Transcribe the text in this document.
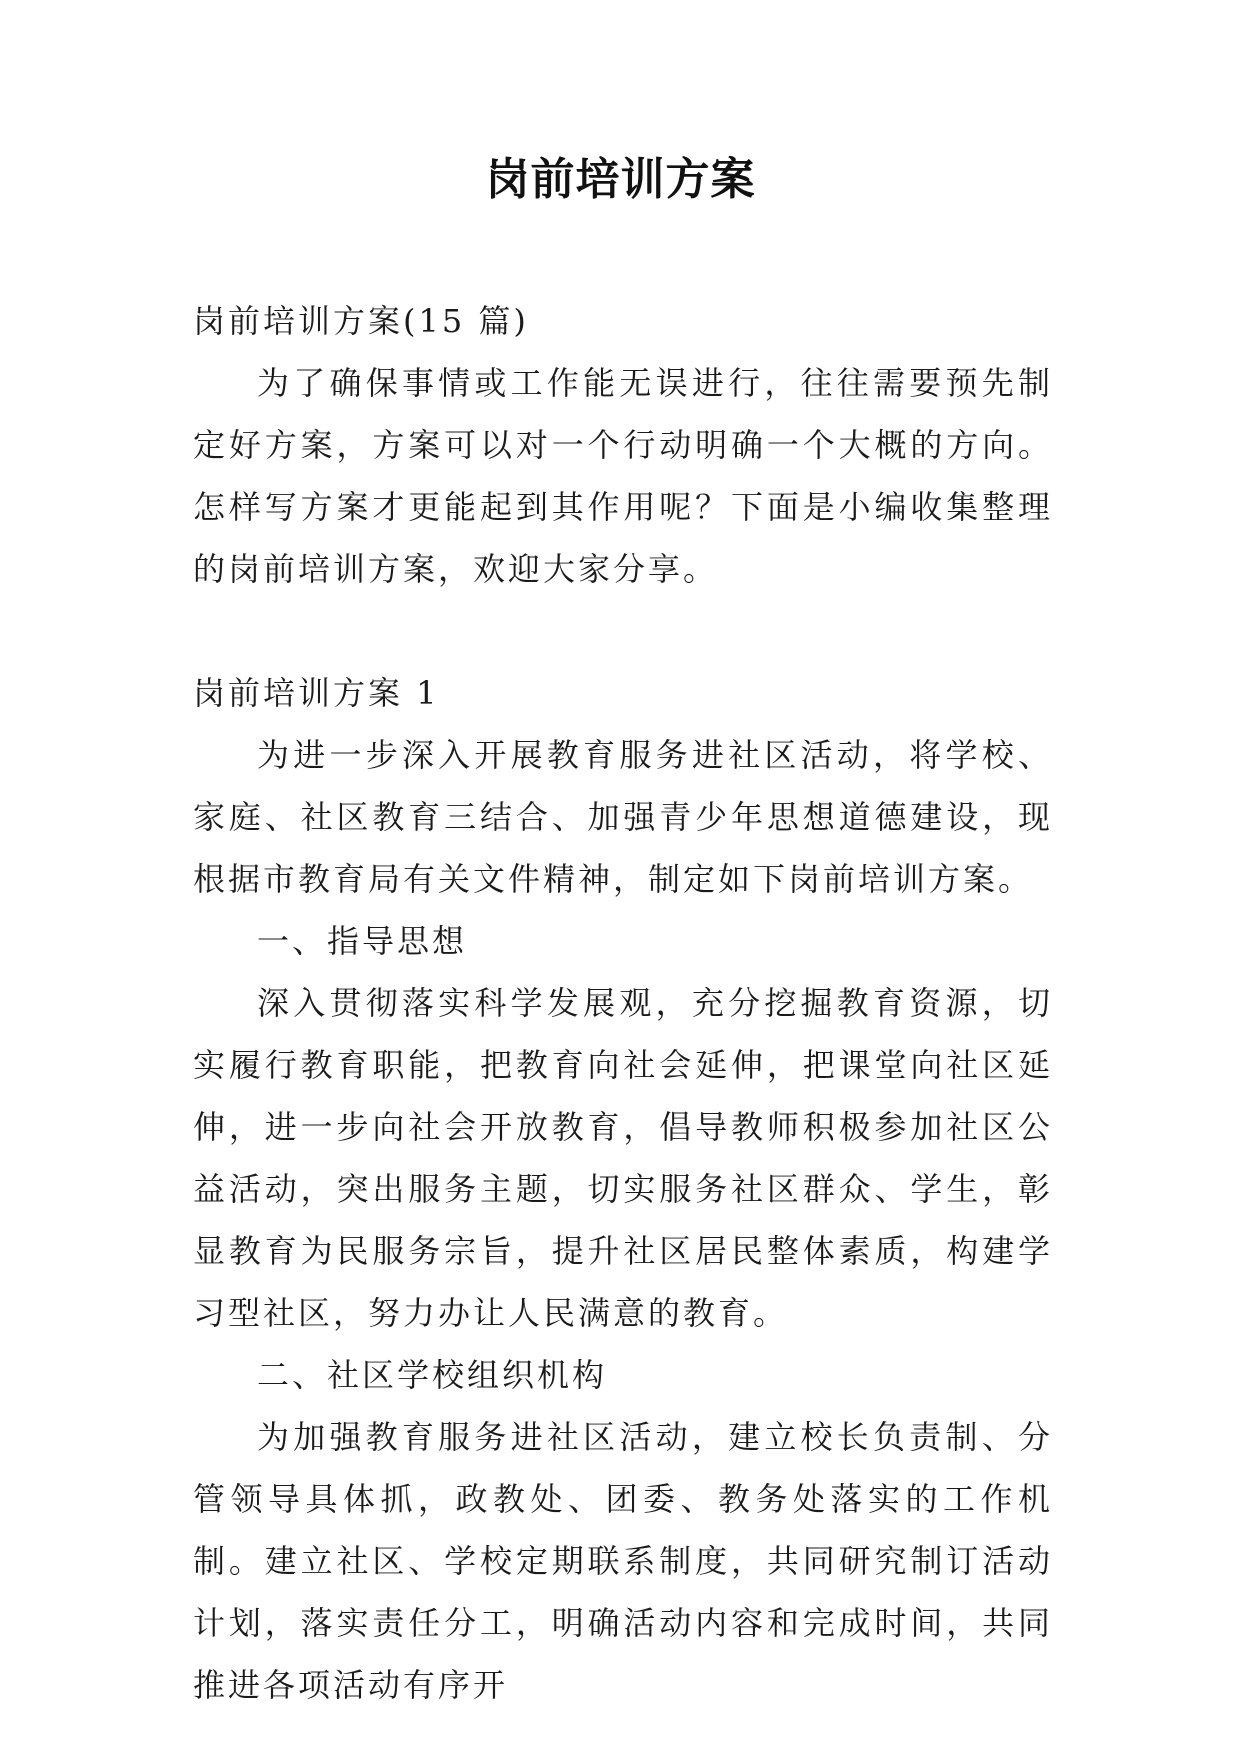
岗前培训方案

岗前培训方案(15 篇)

为了确保事情或工作能无误进行，往往需要预先制定好方案，方案可以对一个行动明确一个大概的方向。怎样写方案才更能起到其作用呢？下面是小编收集整理的岗前培训方案，欢迎大家分享。

岗前培训方案 1

为进一步深入开展教育服务进社区活动，将学校、家庭、社区教育三结合、加强青少年思想道德建设，现根据市教育局有关文件精神，制定如下岗前培训方案。

一、指导思想

深入贯彻落实科学发展观，充分挖掘教育资源，切实履行教育职能，把教育向社会延伸，把课堂向社区延伸，进一步向社会开放教育，倡导教师积极参加社区公益活动，突出服务主题，切实服务社区群众、学生，彰显教育为民服务宗旨，提升社区居民整体素质，构建学习型社区，努力办让人民满意的教育。

二、社区学校组织机构

为加强教育服务进社区活动，建立校长负责制、分管领导具体抓，政教处、团委、教务处落实的工作机制。建立社区、学校定期联系制度，共同研究制订活动计划，落实责任分工，明确活动内容和完成时间，共同推进各项活动有序开
